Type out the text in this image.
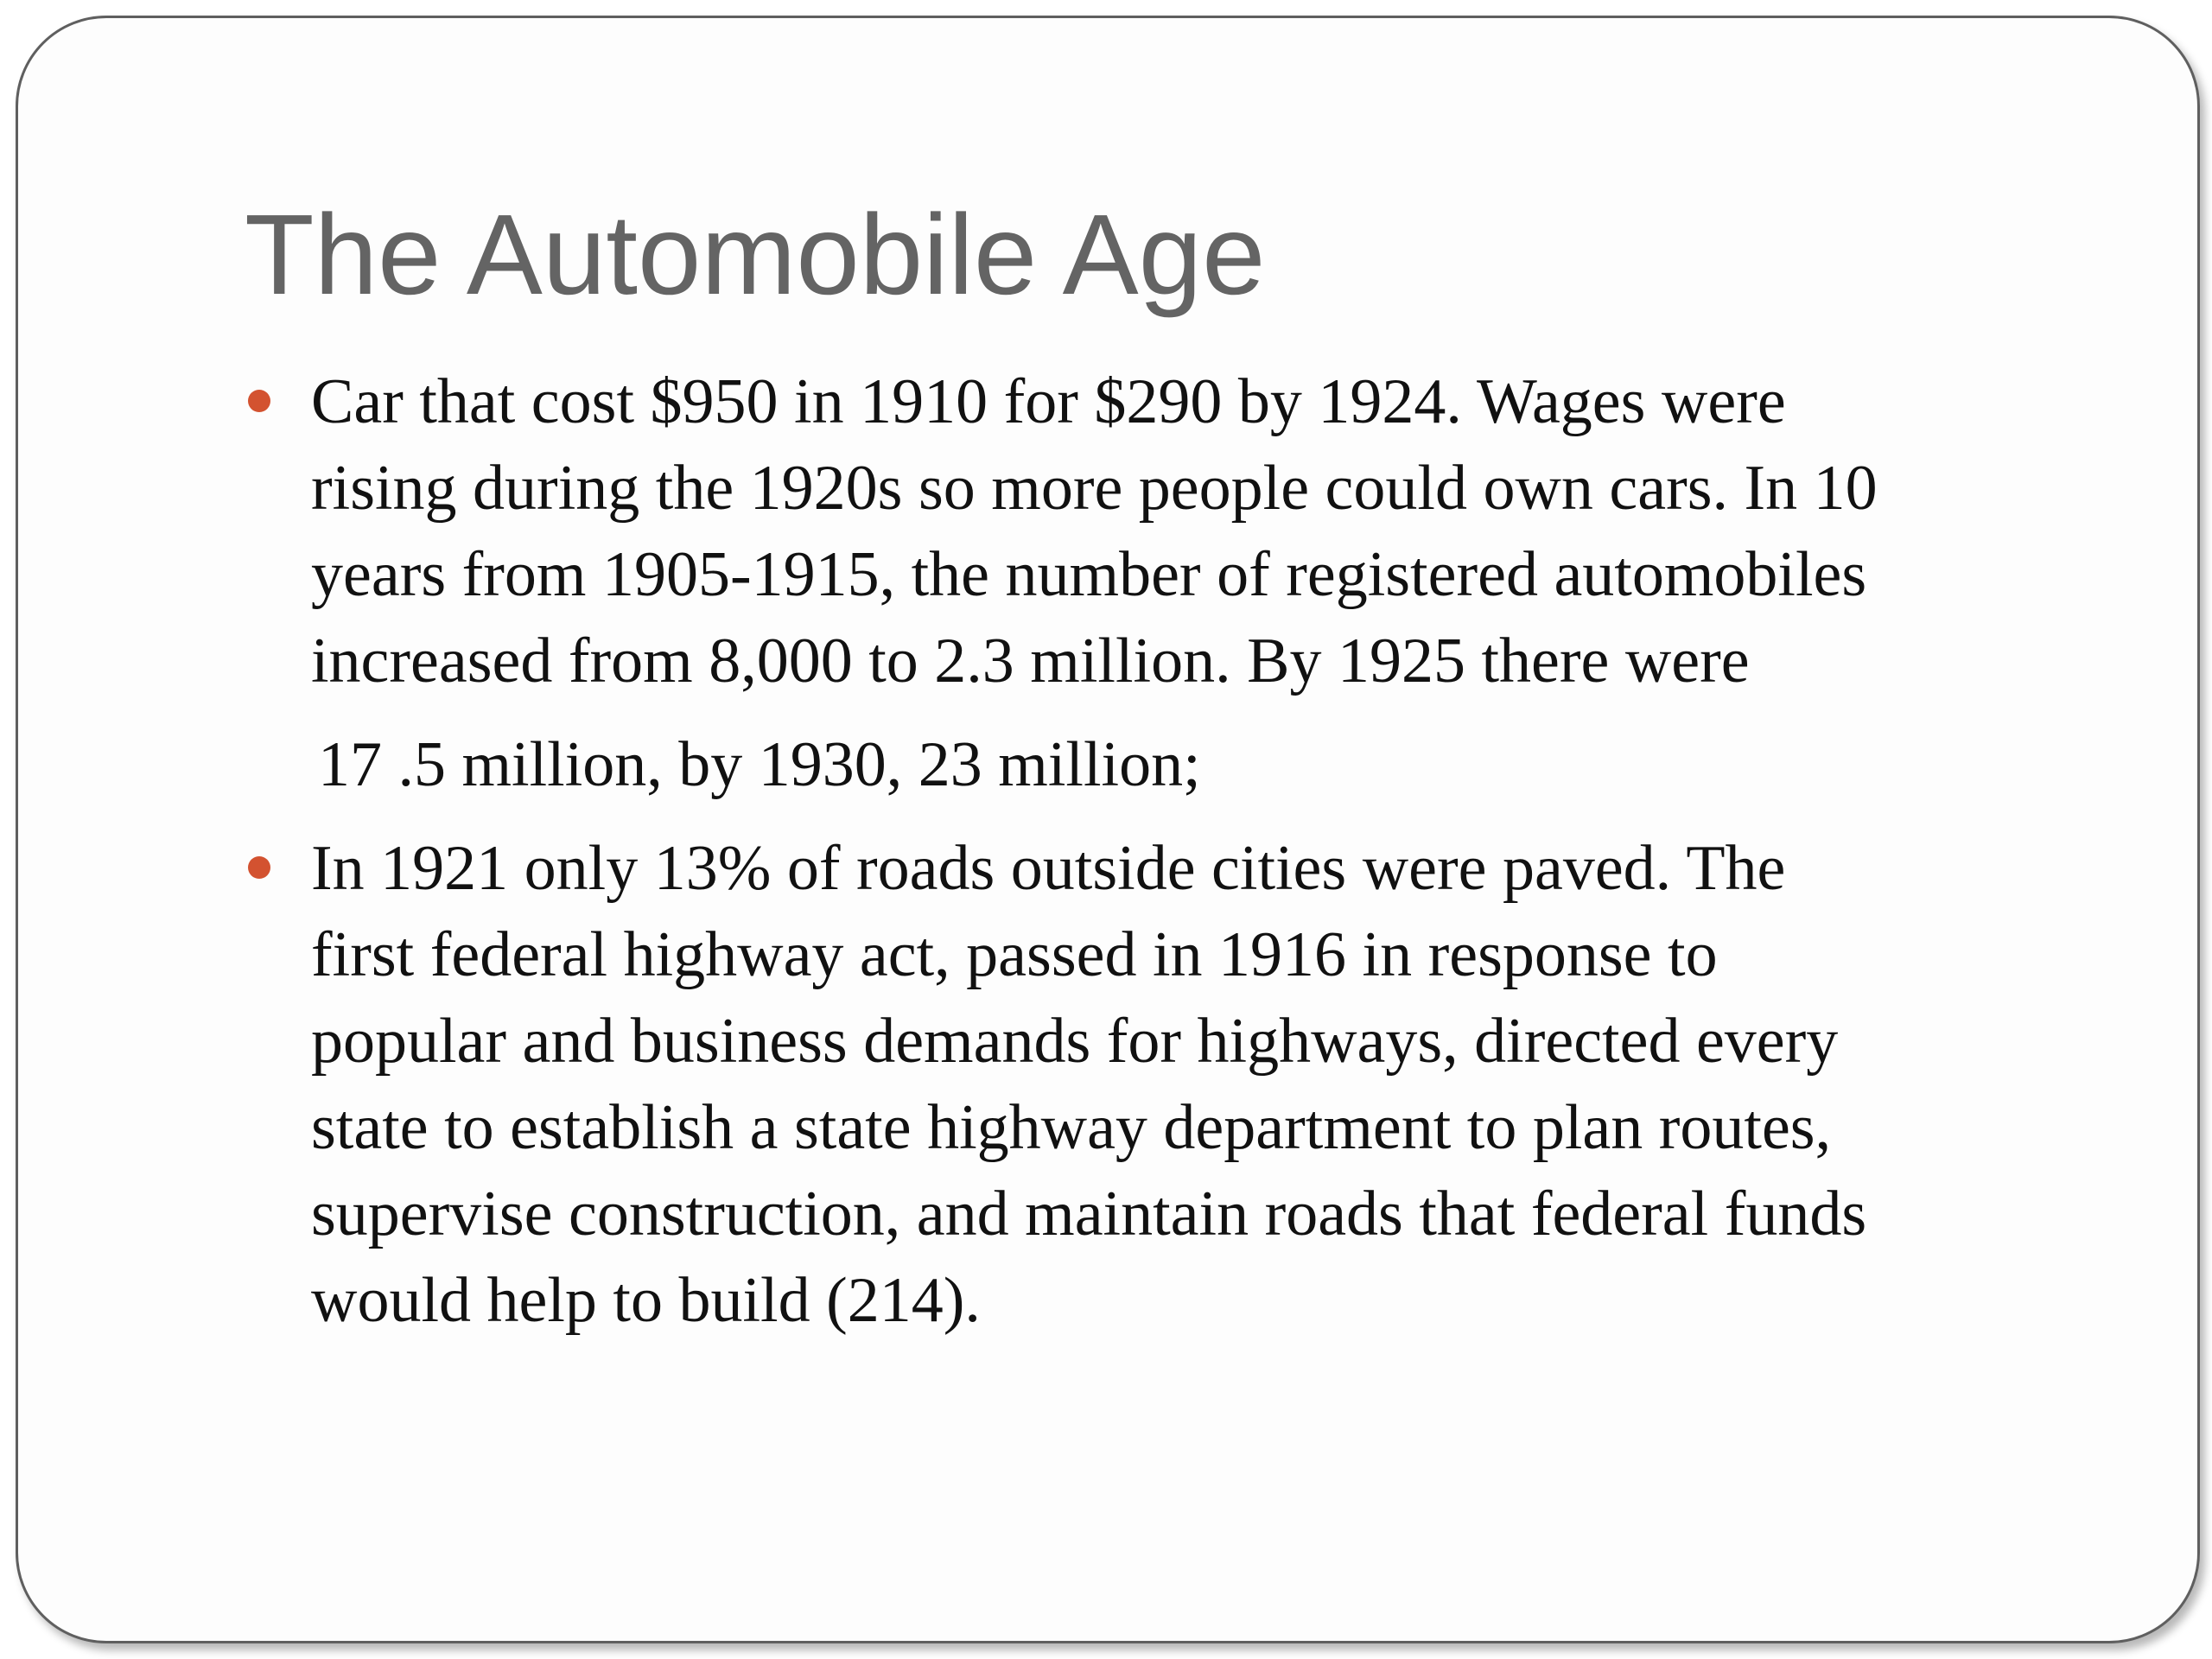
The Automobile Age
Car that cost $950 in 1910 for $290 by 1924. Wages were
rising during the 1920s so more people could own cars. In 10
years from 1905-1915, the number of registered automobiles
increased from 8,000 to 2.3 million. By 1925 there were
17 .5 million, by 1930, 23 million;
In 1921 only 13% of roads outside cities were paved. The
first federal highway act, passed in 1916 in response to
popular and business demands for highways, directed every
state to establish a state highway department to plan routes,
supervise construction, and maintain roads that federal funds
would help to build (214).
